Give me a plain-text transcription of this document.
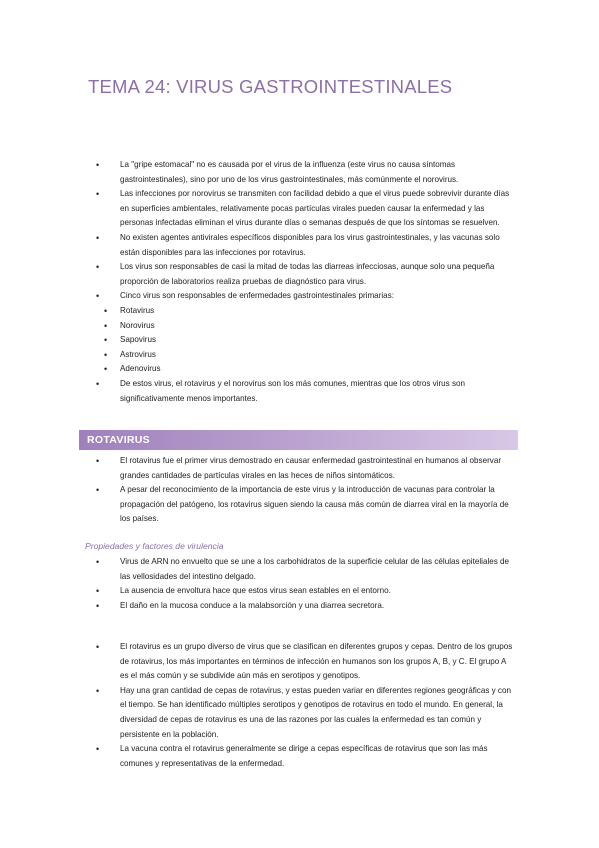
TEMA 24: VIRUS GASTROINTESTINALES
• La "gripe estomacal" no es causada por el virus de la influenza (este virus no causa síntomas gastrointestinales), sino por uno de los virus gastrointestinales, más comúnmente el norovirus.
• Las infecciones por norovirus se transmiten con facilidad debido a que el virus puede sobrevivir durante días en superficies ambientales, relativamente pocas partículas virales pueden causar la enfermedad y las personas infectadas eliminan el virus durante días o semanas después de que los síntomas se resuelven.
• No existen agentes antivirales específicos disponibles para los virus gastrointestinales, y las vacunas solo están disponibles para las infecciones por rotavirus.
• Los virus son responsables de casi la mitad de todas las diarreas infecciosas, aunque solo una pequeña proporción de laboratorios realiza pruebas de diagnóstico para virus.
• Cinco virus son responsables de enfermedades gastrointestinales primarias:
• Rotavirus
• Norovirus
• Sapovirus
• Astrovirus
• Adenovirus
• De estos virus, el rotavirus y el norovirus son los más comunes, mientras que los otros virus son significativamente menos importantes.
ROTAVIRUS
• El rotavirus fue el primer virus demostrado en causar enfermedad gastrointestinal en humanos al observar grandes cantidades de partículas virales en las heces de niños sintomáticos.
• A pesar del reconocimiento de la importancia de este virus y la introducción de vacunas para controlar la propagación del patógeno, los rotavirus siguen siendo la causa más común de diarrea viral en la mayoría de los países.
Propiedades y factores de virulencia
• Virus de ARN no envuelto que se une a los carbohidratos de la superficie celular de las células epiteliales de las vellosidades del intestino delgado.
• La ausencia de envoltura hace que estos virus sean estables en el entorno.
• El daño en la mucosa conduce a la malabsorción y una diarrea secretora.
• El rotavirus es un grupo diverso de virus que se clasifican en diferentes grupos y cepas. Dentro de los grupos de rotavirus, los más importantes en términos de infección en humanos son los grupos A, B, y C. El grupo A es el más común y se subdivide aún más en serotipos y genotipos.
• Hay una gran cantidad de cepas de rotavirus, y estas pueden variar en diferentes regiones geográficas y con el tiempo. Se han identificado múltiples serotipos y genotipos de rotavirus en todo el mundo. En general, la diversidad de cepas de rotavirus es una de las razones por las cuales la enfermedad es tan común y persistente en la población.
• La vacuna contra el rotavirus generalmente se dirige a cepas específicas de rotavirus que son las más comunes y representativas de la enfermedad.
